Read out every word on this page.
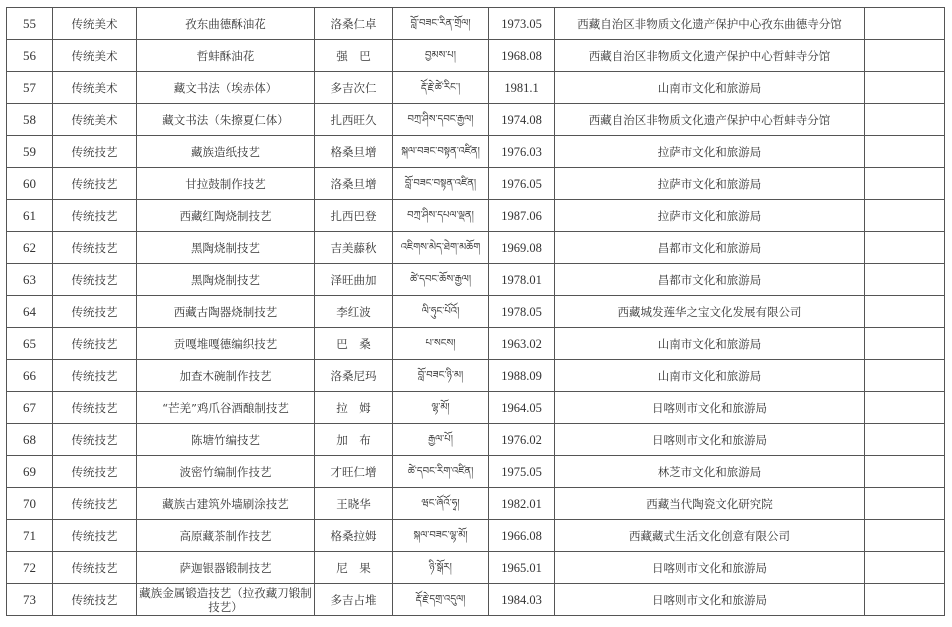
55	传统美术	孜东曲德酥油花	洛桑仁卓	བློ་བཟང་རིན་གྲོལ།	1973.05	西藏自治区非物质文化遗产保护中心孜东曲德寺分馆	
56	传统美术	哲蚌酥油花	强　巴	བྱམས་པ།	1968.08	西藏自治区非物质文化遗产保护中心哲蚌寺分馆	
57	传统美术	藏文书法（埃赤体）	多吉次仁	རྡོ་རྗེ་ཚེ་རིང་།	1981.1	山南市文化和旅游局	
58	传统美术	藏文书法（朱擦夏仁体）	扎西旺久	བཀྲ་ཤིས་དབང་རྒྱལ།	1974.08	西藏自治区非物质文化遗产保护中心哲蚌寺分馆	
59	传统技艺	藏族造纸技艺	格桑旦增	སྐལ་བཟང་བསྟན་འཛིན།	1976.03	拉萨市文化和旅游局	
60	传统技艺	甘拉鼓制作技艺	洛桑旦增	བློ་བཟང་བསྟན་འཛིན།	1976.05	拉萨市文化和旅游局	
61	传统技艺	西藏红陶烧制技艺	扎西巴登	བཀྲ་ཤིས་དཔལ་ལྡན།	1987.06	拉萨市文化和旅游局	
62	传统技艺	黑陶烧制技艺	吉美藤秋	འཇིགས་མེད་ཐེག་མཆོག	1969.08	昌都市文化和旅游局	
63	传统技艺	黑陶烧制技艺	泽旺曲加	ཚེ་དབང་ཆོས་རྒྱལ།	1978.01	昌都市文化和旅游局	
64	传统技艺	西藏古陶器烧制技艺	李红波	ལི་ཧུང་པོའོ།	1978.05	西藏城发莲华之宝文化发展有限公司	
65	传统技艺	贡嘎堆嘎德编织技艺	巴　桑	པ་སངས།	1963.02	山南市文化和旅游局	
66	传统技艺	加查木碗制作技艺	洛桑尼玛	བློ་བཟང་ཉི་མ།	1988.09	山南市文化和旅游局	
67	传统技艺	“芒羌”鸡爪谷酒酿制技艺	拉　姆	ལྷ་མོ།	1964.05	日喀则市文化和旅游局	
68	传统技艺	陈塘竹编技艺	加　布	རྒྱལ་པོ།	1976.02	日喀则市文化和旅游局	
69	传统技艺	波密竹编制作技艺	才旺仁增	ཚེ་དབང་རིག་འཛིན།	1975.05	林芝市文化和旅游局	
70	传统技艺	藏族古建筑外墙刷涂技艺	王晓华	ཝང་ཞོའོ་ཧྭ།	1982.01	西藏当代陶瓷文化研究院	
71	传统技艺	高原藏茶制作技艺	格桑拉姆	སྐལ་བཟང་ལྷ་མོ།	1966.08	西藏藏式生活文化创意有限公司	
72	传统技艺	萨迦银器锻制技艺	尼　果	ཉི་སྒོར།	1965.01	日喀则市文化和旅游局	
73	传统技艺	藏族金属锻造技艺（拉孜藏刀锻制技艺）	多吉占堆	རྡོ་རྗེ་དགྲ་འདུལ།	1984.03	日喀则市文化和旅游局	
